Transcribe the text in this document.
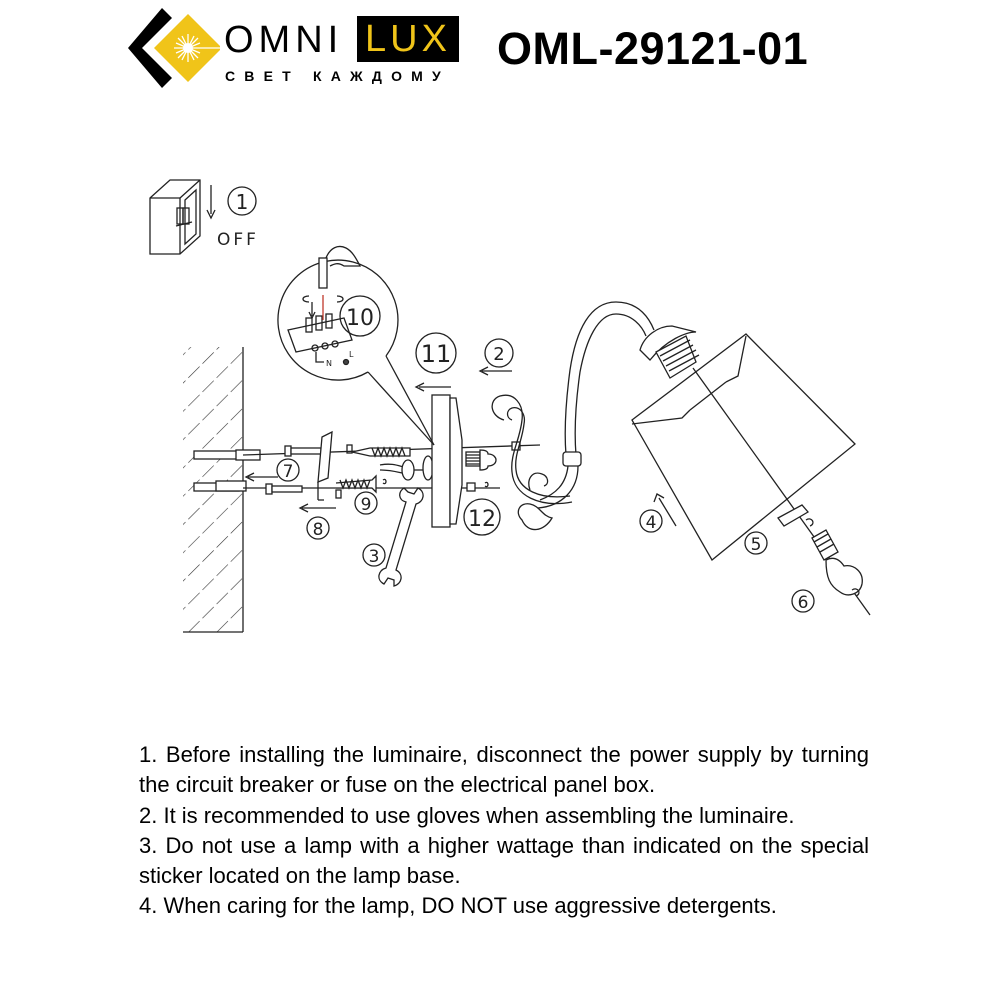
OMNI LUX
СВЕТ КАЖДОМУ
OML-29121-01
1
OFF
7
8
9
3
11
12
2
4
5
6
N
L
10
1. Before installing the luminaire, disconnect the power supply by turning the circuit breaker or fuse on the electrical panel box.
2. It is recommended to use gloves when assembling the luminaire.
3. Do not use a lamp with a higher wattage than indicated on the special sticker located on the lamp base.
4. When caring for the lamp, DO NOT use aggressive detergents.
